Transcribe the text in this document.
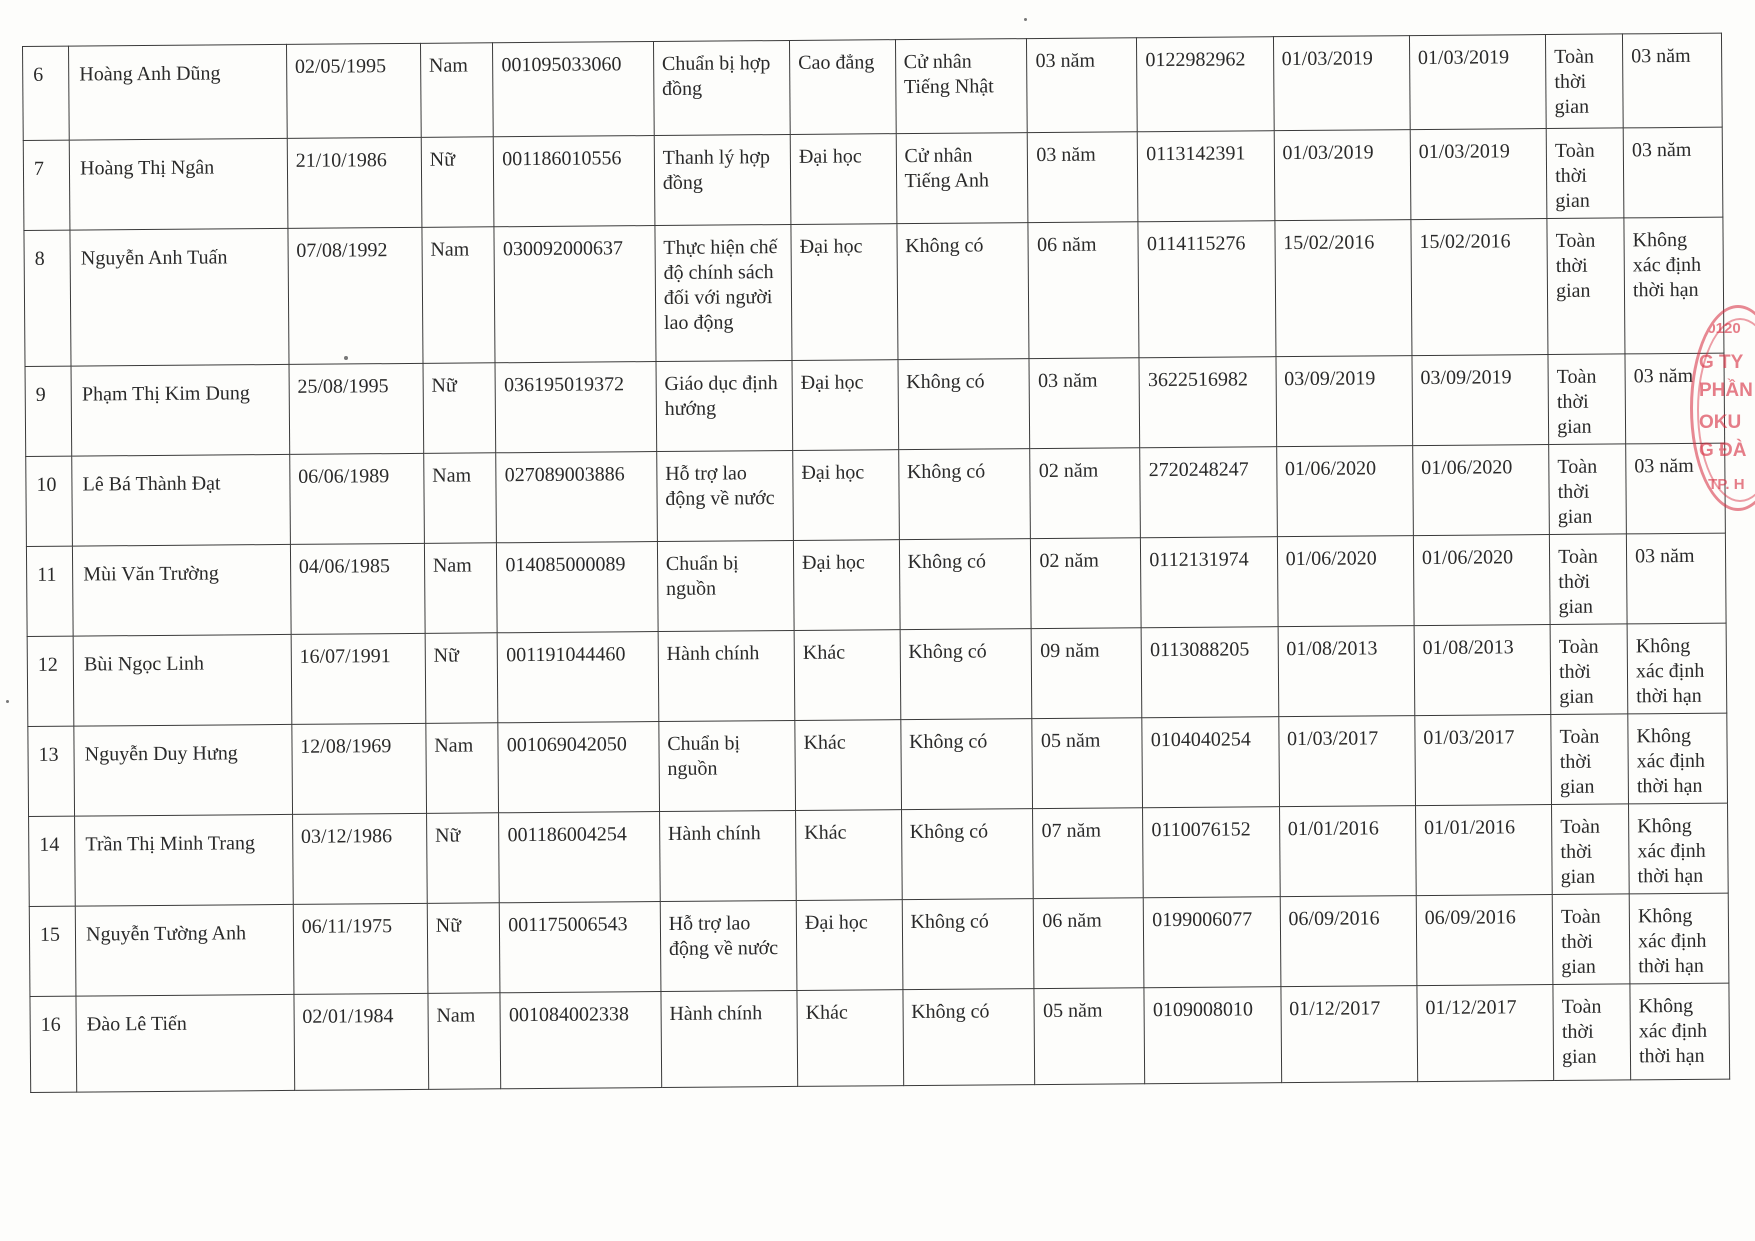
6	Hoàng Anh Dũng	02/05/1995	Nam	001095033060	Chuẩn bị hợp đồng	Cao đẳng	Cử nhân Tiếng Nhật	03 năm	0122982962	01/03/2019	01/03/2019	Toàn thời gian	03 năm
7	Hoàng Thị Ngân	21/10/1986	Nữ	001186010556	Thanh lý hợp đồng	Đại học	Cử nhân Tiếng Anh	03 năm	0113142391	01/03/2019	01/03/2019	Toàn thời gian	03 năm
8	Nguyễn Anh Tuấn	07/08/1992	Nam	030092000637	Thực hiện chế độ chính sách đối với người lao động	Đại học	Không có	06 năm	0114115276	15/02/2016	15/02/2016	Toàn thời gian	Không xác định thời hạn
9	Phạm Thị Kim Dung	25/08/1995	Nữ	036195019372	Giáo dục định hướng	Đại học	Không có	03 năm	3622516982	03/09/2019	03/09/2019	Toàn thời gian	03 năm
10	Lê Bá Thành Đạt	06/06/1989	Nam	027089003886	Hỗ trợ lao động về nước	Đại học	Không có	02 năm	2720248247	01/06/2020	01/06/2020	Toàn thời gian	03 năm
11	Mùi Văn Trường	04/06/1985	Nam	014085000089	Chuẩn bị nguồn	Đại học	Không có	02 năm	0112131974	01/06/2020	01/06/2020	Toàn thời gian	03 năm
12	Bùi Ngọc Linh	16/07/1991	Nữ	001191044460	Hành chính	Khác	Không có	09 năm	0113088205	01/08/2013	01/08/2013	Toàn thời gian	Không xác định thời hạn
13	Nguyễn Duy Hưng	12/08/1969	Nam	001069042050	Chuẩn bị nguồn	Khác	Không có	05 năm	0104040254	01/03/2017	01/03/2017	Toàn thời gian	Không xác định thời hạn
14	Trần Thị Minh Trang	03/12/1986	Nữ	001186004254	Hành chính	Khác	Không có	07 năm	0110076152	01/01/2016	01/01/2016	Toàn thời gian	Không xác định thời hạn
15	Nguyễn Tường Anh	06/11/1975	Nữ	001175006543	Hỗ trợ lao động về nước	Đại học	Không có	06 năm	0199006077	06/09/2016	06/09/2016	Toàn thời gian	Không xác định thời hạn
16	Đào Lê Tiến	02/01/1984	Nam	001084002338	Hành chính	Khác	Không có	05 năm	0109008010	01/12/2017	01/12/2017	Toàn thời gian	Không xác định thời hạn
20120
G TY
PHẦN
OKU
G ĐÀ
- TP. H
